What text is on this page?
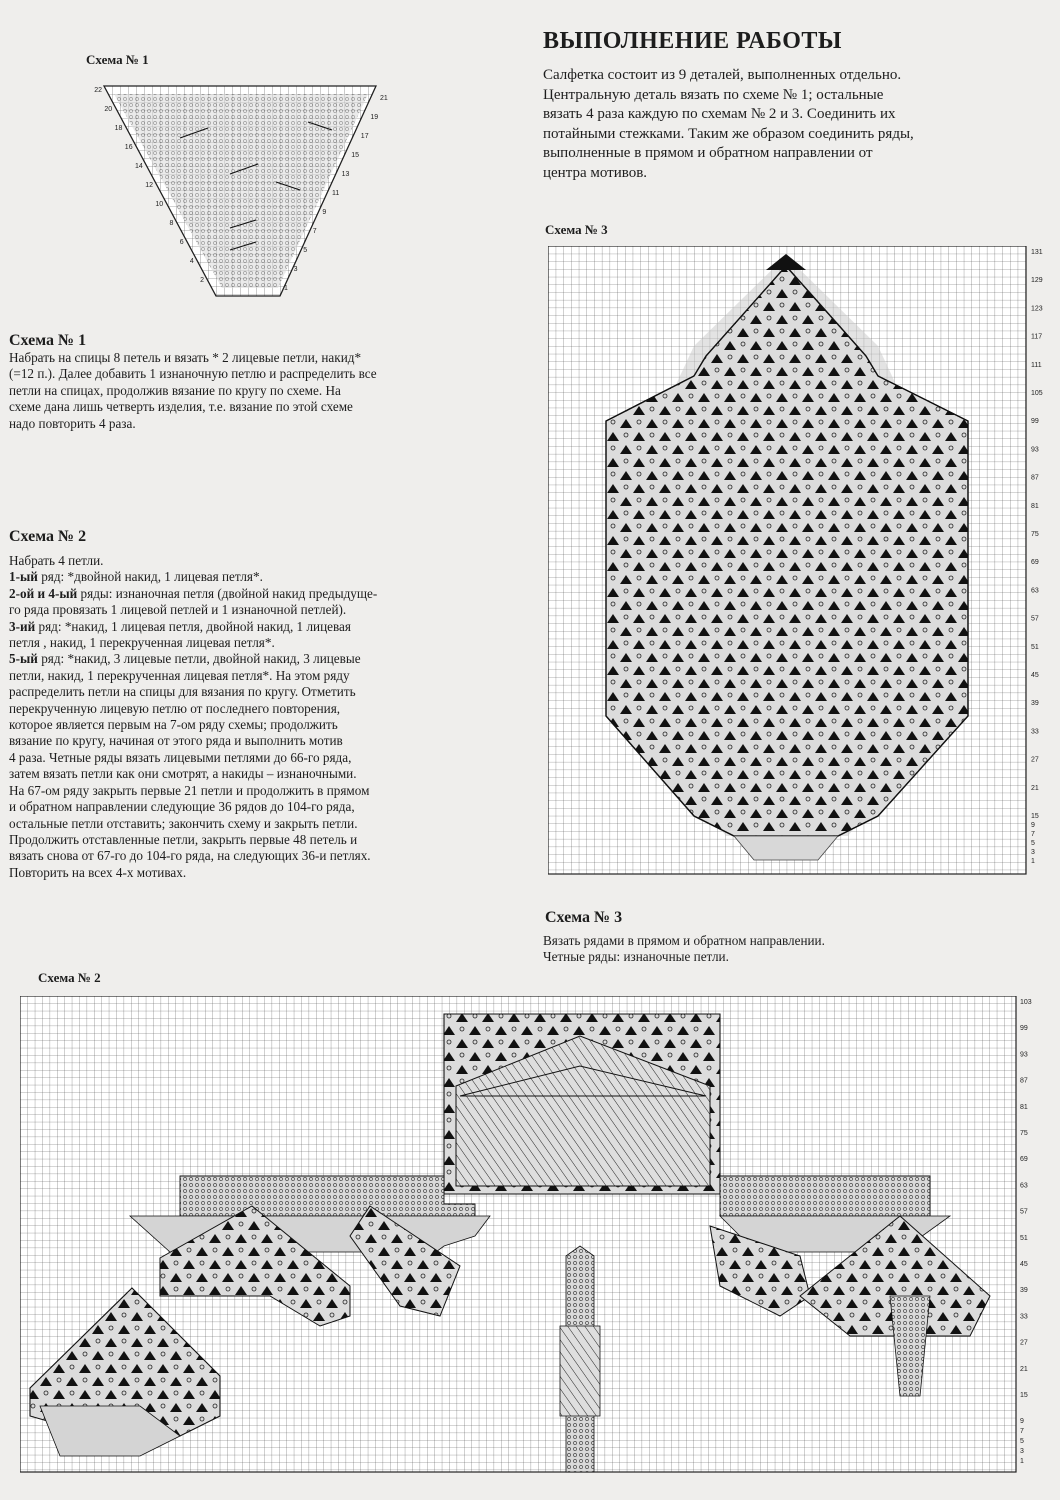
Схема № 1
22
20
18
16
14
12
10
8
6
4
2
21
19
17
15
13
11
9
7
5
3
1
Схема № 1

Набрать на спицы 8 петель и вязать * 2 лицевые петли, накид*

(=12 п.). Далее добавить 1 изнаночную петлю и распределить все

петли на спицах, продолжив вязание по кругу по схеме. На

схеме дана лишь четверть изделия, т.е. вязание по этой схеме

надо повторить 4 раза.

Схема № 2

Набрать 4 петли.

1-ый ряд: *двойной накид, 1 лицевая петля*.

2-ой и 4-ый ряды: изнаночная петля (двойной накид предыдуще-

го ряда провязать 1 лицевой петлей и 1 изнаночной петлей).

3-ий ряд: *накид, 1 лицевая петля, двойной накид, 1 лицевая

петля , накид, 1 перекрученная лицевая петля*.

5-ый ряд: *накид, 3 лицевые петли, двойной накид, 3 лицевые

петли, накид, 1 перекрученная лицевая петля*. На этом ряду

распределить петли на спицы для вязания по кругу. Отметить

перекрученную лицевую петлю от последнего повторения,

которое является первым на 7-ом ряду схемы; продолжить

вязание по кругу, начиная от этого ряда и выполнить мотив

4 раза. Четные ряды вязать лицевыми петлями до 66-го ряда,

затем вязать петли как они смотрят, а накиды – изнаночными.

На 67-ом ряду закрыть первые 21 петли и продолжить в прямом

и обратном направлении следующие 36 рядов до 104-го ряда,

остальные петли отставить; закончить схему и закрыть петли.

Продолжить отставленные петли, закрыть первые 48 петель и

вязать снова от 67-го до 104-го ряда, на следующих 36-и петлях.

Повторить на всех 4-х мотивах.

ВЫПОЛНЕНИЕ РАБОТЫ

Салфетка состоит из 9 деталей, выполненных отдельно.

Центральную деталь вязать по схеме № 1; остальные

вязать 4 раза каждую по схемам № 2 и 3. Соединить их

потайными стежками. Таким же образом соединить ряды,

выполненные в прямом и обратном направлении от

центра мотивов.

Схема № 3
131
129
123
117
111
105
99
93
87
81
75
69
63
57
51
45
39
33
27
21
15
9
7
5
3
1
Схема № 3

Вязать рядами в прямом и обратном направлении.

Четные ряды: изнаночные петли.

Схема № 2
103
99
93
87
81
75
69
63
57
51
45
39
33
27
21
15
9
7
5
3
1
